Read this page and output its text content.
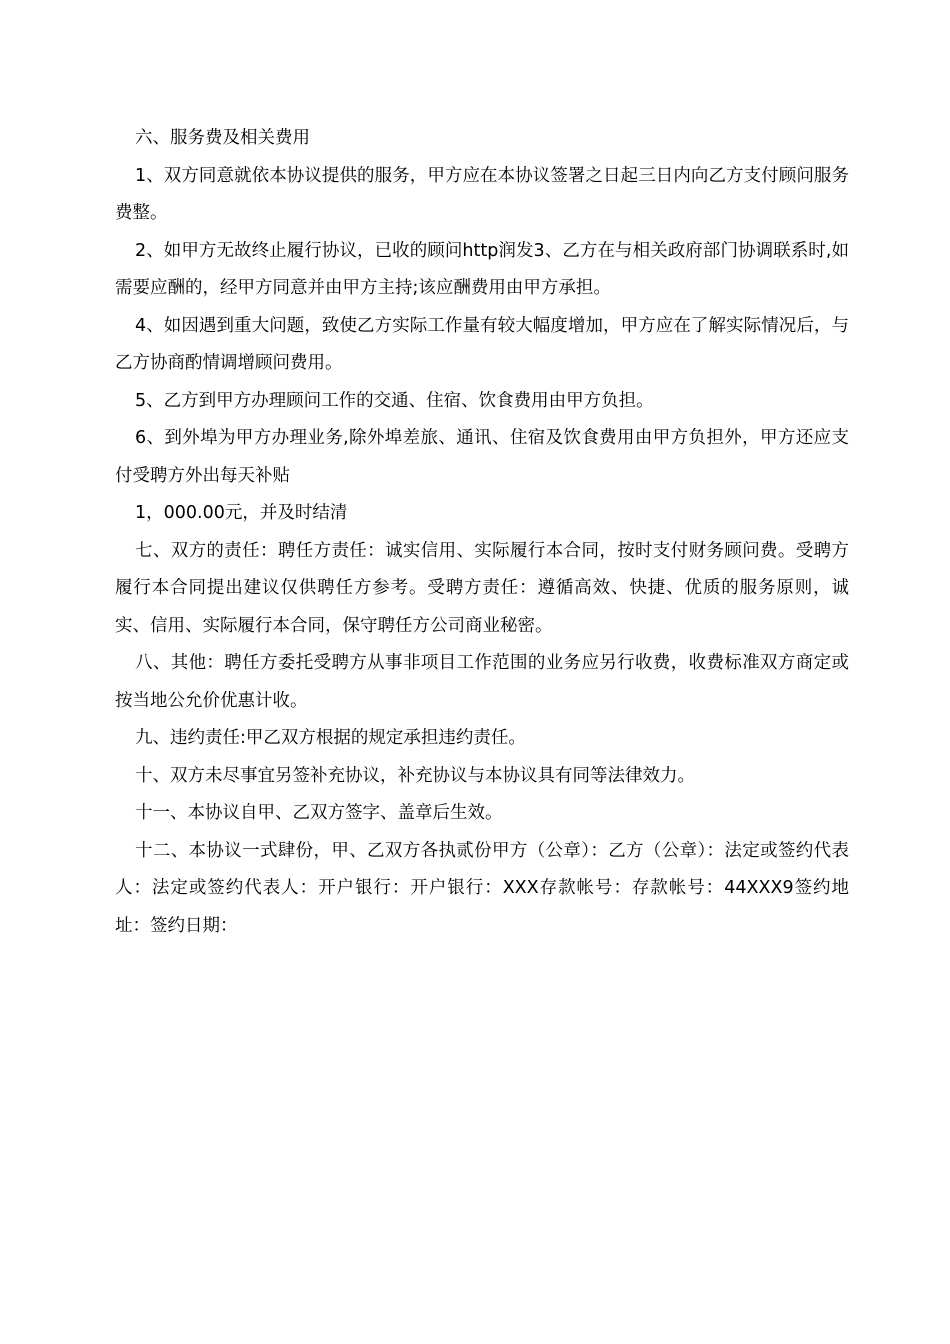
六、服务费及相关费用

1、双方同意就依本协议提供的服务，甲方应在本协议签署之日起三日内向乙方支付顾问服务费整。

2、如甲方无故终止履行协议，已收的顾问http润发3、乙方在与相关政府部门协调联系时,如需要应酬的，经甲方同意并由甲方主持;该应酬费用由甲方承担。

4、如因遇到重大问题，致使乙方实际工作量有较大幅度增加，甲方应在了解实际情况后，与乙方协商酌情调增顾问费用。

5、乙方到甲方办理顾问工作的交通、住宿、饮食费用由甲方负担。

6、到外埠为甲方办理业务,除外埠差旅、通讯、住宿及饮食费用由甲方负担外，甲方还应支付受聘方外出每天补贴

1，000.00元，并及时结清

七、双方的责任：聘任方责任：诚实信用、实际履行本合同，按时支付财务顾问费。受聘方履行本合同提出建议仅供聘任方参考。受聘方责任：遵循高效、快捷、优质的服务原则，诚实、信用、实际履行本合同，保守聘任方公司商业秘密。

八、其他：聘任方委托受聘方从事非项目工作范围的业务应另行收费，收费标准双方商定或按当地公允价优惠计收。

九、违约责任:甲乙双方根据的规定承担违约责任。

十、双方未尽事宜另签补充协议，补充协议与本协议具有同等法律效力。

十一、本协议自甲、乙双方签字、盖章后生效。

十二、本协议一式肆份，甲、乙双方各执贰份甲方（公章）：乙方（公章）：法定或签约代表人：法定或签约代表人：开户银行：开户银行：XXX存款帐号：存款帐号：44XXX9签约地址：签约日期：
